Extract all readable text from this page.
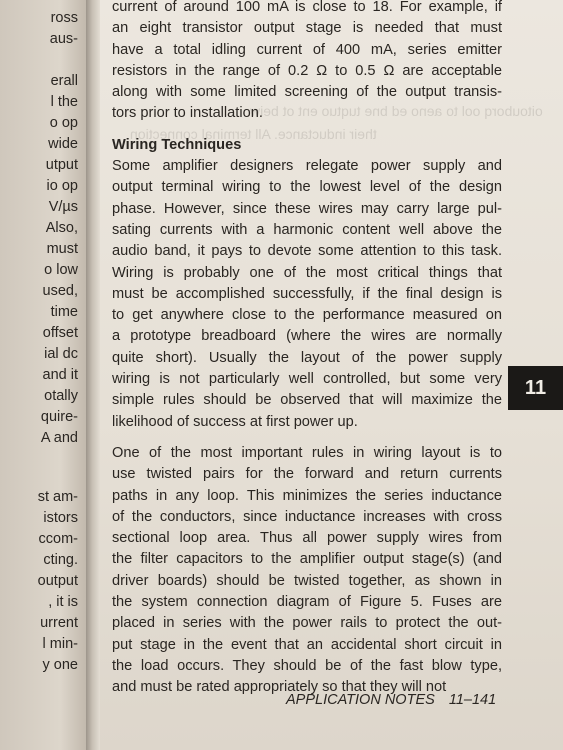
ross
aus-
erall
l the
o op
wide
utput
io op
V/µs
Also,
must
o low
used,
time
offset
ial dc
and it
otally
quire-
A and
st am-
istors
ccom-
cting.
output
, it is
urrent
l min-
y one
oitouborq ool to aeno ed bne tuqtuo ent ot beiw
their inductance. All terminal connection
current of around 100 mA is close to 18. For example, if
an eight transistor output stage is needed that must
have a total idling current of 400 mA, series emitter
resistors in the range of 0.2 Ω to 0.5 Ω are acceptable
along with some limited screening of the output transis-
tors prior to installation.
Wiring Techniques
Some amplifier designers relegate power supply and
output terminal wiring to the lowest level of the design
phase. However, since these wires may carry large pul-
sating currents with a harmonic content well above the
audio band, it pays to devote some attention to this task.
Wiring is probably one of the most critical things that
must be accomplished successfully, if the final design is
to get anywhere close to the performance measured on
a prototype breadboard (where the wires are normally
quite short). Usually the layout of the power supply
wiring is not particularly well controlled, but some very
simple rules should be observed that will maximize the
likelihood of success at first power up.
One of the most important rules in wiring layout is to
use twisted pairs for the forward and return currents
paths in any loop. This minimizes the series inductance
of the conductors, since inductance increases with cross
sectional loop area. Thus all power supply wires from
the filter capacitors to the amplifier output stage(s) (and
driver boards) should be twisted together, as shown in
the system connection diagram of Figure 5. Fuses are
placed in series with the power rails to protect the out-
put stage in the event that an accidental short circuit in
the load occurs. They should be of the fast blow type,
and must be rated appropriately so that they will not
11
APPLICATION NOTES 11–141
